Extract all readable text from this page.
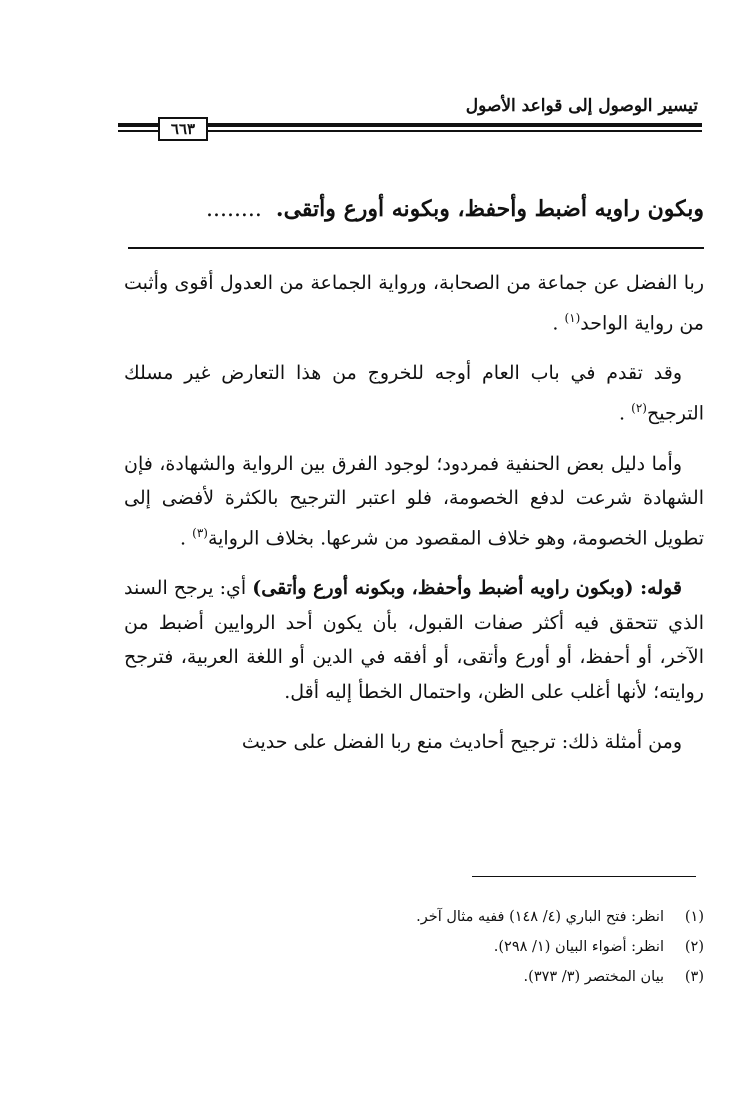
تيسير الوصول إلى قواعد الأصول
٦٦٣
وبكون راويه أضبط وأحفظ، وبكونه أورع وأتقى.........

ربا الفضل عن جماعة من الصحابة، ورواية الجماعة من العدول أقوى وأثبت من رواية الواحد$^{(١)}$ .

وقد تقدم في باب العام أوجه للخروج من هذا التعارض غير مسلك الترجيح$^{(٢)}$ .

وأما دليل بعض الحنفية فمردود؛ لوجود الفرق بين الرواية والشهادة، فإن الشهادة شرعت لدفع الخصومة، فلو اعتبر الترجيح بالكثرة لأفضى إلى تطويل الخصومة، وهو خلاف المقصود من شرعها. بخلاف الرواية$^{(٣)}$ .

قوله: (وبكون راويه أضبط وأحفظ، وبكونه أورع وأتقى) أي: يرجح السند الذي تتحقق فيه أكثر صفات القبول، بأن يكون أحد الروايين أضبط من الآخر، أو أحفظ، أو أورع وأتقى، أو أفقه في الدين أو اللغة العربية، فترجح روايته؛ لأنها أغلب على الظن، واحتمال الخطأ إليه أقل.

ومن أمثلة ذلك: ترجيح أحاديث منع ربا الفضل على حديث

(١)انظر: فتح الباري (٤/ ١٤٨) ففيه مثال آخر.
(٢)انظر: أضواء البيان (١/ ٢٩٨).
(٣)بيان المختصر (٣/ ٣٧٣).
